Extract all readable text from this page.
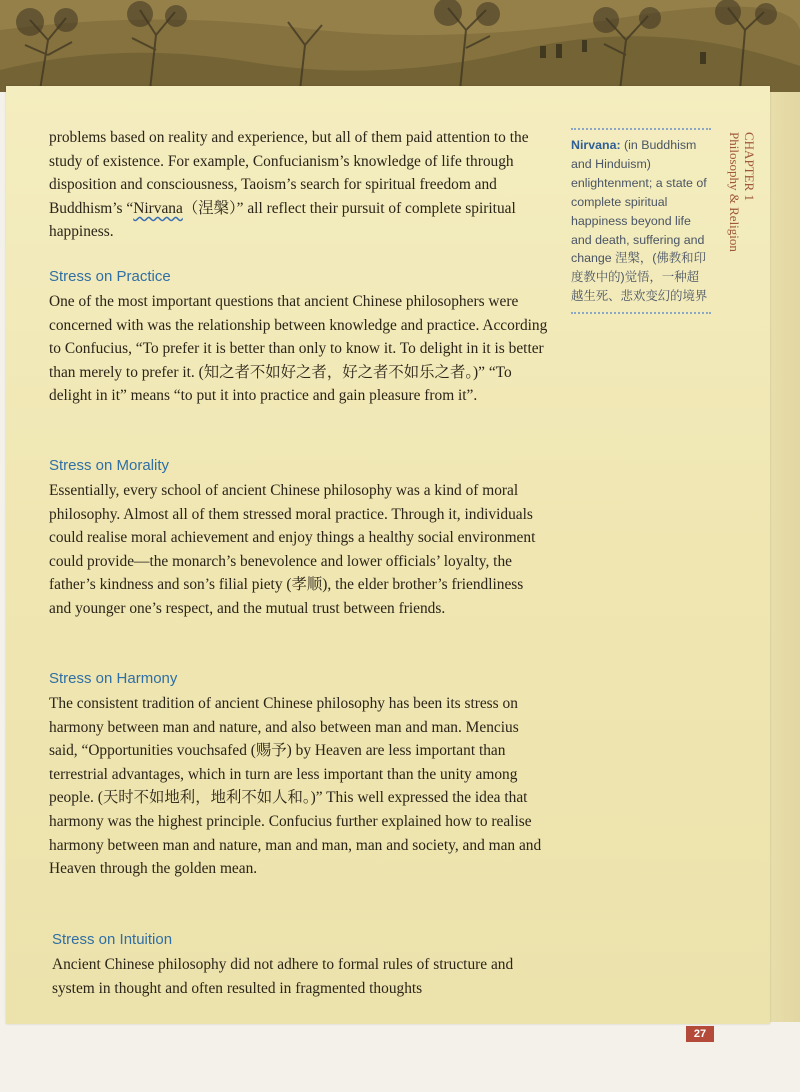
CHAPTER 1
Philosophy & Religion
Nirvana: (in Buddhism and Hinduism) enlightenment; a state of complete spiritual happiness beyond life and death, suffering and change 涅槃，(佛教和印度教中的)觉悟，一种超越生死、悲欢变幻的境界

problems based on reality and experience, but all of them paid attention to the study of existence. For example, Confucianism’s knowledge of life through disposition and consciousness, Taoism’s search for spiritual freedom and Buddhism’s “Nirvana（涅槃）” all reflect their pursuit of complete spiritual happiness.

Stress on Practice

One of the most important questions that ancient Chinese philosophers were concerned with was the relationship between knowledge and practice. According to Confucius, “To prefer it is better than only to know it. To delight in it is better than merely to prefer it. (知之者不如好之者，好之者不如乐之者。)” “To delight in it” means “to put it into practice and gain pleasure from it”.

Stress on Morality

Essentially, every school of ancient Chinese philosophy was a kind of moral philosophy. Almost all of them stressed moral practice. Through it, individuals could realise moral achievement and enjoy things a healthy social environment could provide—the monarch’s benevolence and lower officials’ loyalty, the father’s kindness and son’s filial piety (孝顺), the elder brother’s friendliness and younger one’s respect, and the mutual trust between friends.

Stress on Harmony

The consistent tradition of ancient Chinese philosophy has been its stress on harmony between man and nature, and also between man and man. Mencius said, “Opportunities vouchsafed (赐予) by Heaven are less important than terrestrial advantages, which in turn are less important than the unity among people. (天时不如地利，地利不如人和。)” This well expressed the idea that harmony was the highest principle. Confucius further explained how to realise harmony between man and nature, man and man, man and society, and man and Heaven through the golden mean.

Stress on Intuition

Ancient Chinese philosophy did not adhere to formal rules of structure and system in thought and often resulted in fragmented thoughts

27
